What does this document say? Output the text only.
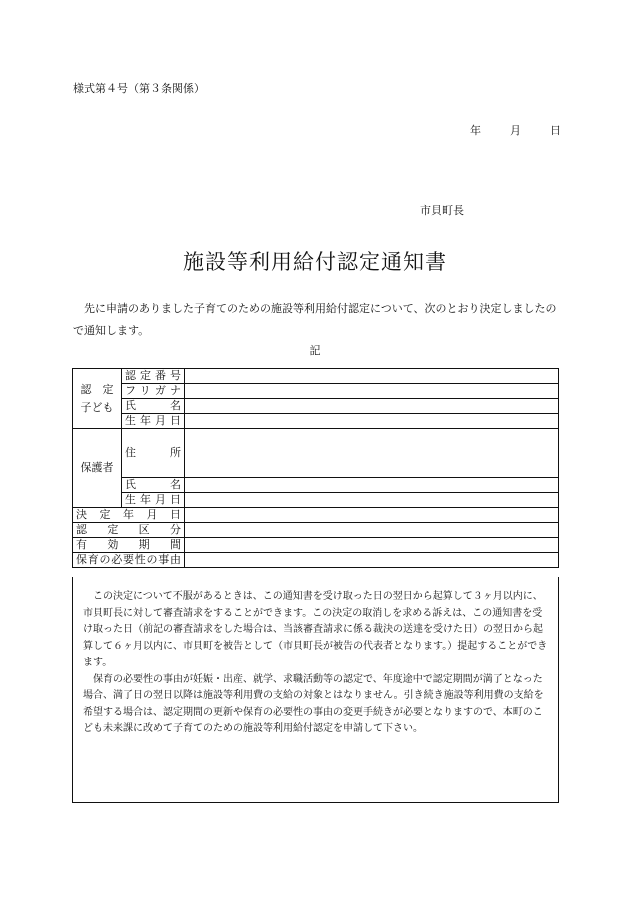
様式第４号（第３条関係）
年	月	日
市貝町長
施設等利用給付認定通知書
先に申請のありました子育てのための施設等利用給付認定について、次のとおり決定しましたので通知します。
記
認　定 子ども	認定番号	
	フリガナ	
	氏　名	
	生年月日	
保護者	住　所	
	氏　名	
	生年月日	
決定年月日		
認定区分		
有効期間		
保育の必要性の事由		

この決定について不服があるときは、この通知書を受け取った日の翌日から起算して３ヶ月以内に、市貝町長に対して審査請求をすることができます。この決定の取消しを求める訴えは、この通知書を受け取った日（前記の審査請求をした場合は、当該審査請求に係る裁決の送達を受けた日）の翌日から起算して６ヶ月以内に、市貝町を被告として（市貝町長が被告の代表者となります。）提起することができます。

保育の必要性の事由が妊娠・出産、就学、求職活動等の認定で、年度途中で認定期間が満了となった場合、満了日の翌日以降は施設等利用費の支給の対象とはなりません。引き続き施設等利用費の支給を希望する場合は、認定期間の更新や保育の必要性の事由の変更手続きが必要となりますので、本町のこども未来課に改めて子育てのための施設等利用給付認定を申請して下さい。
